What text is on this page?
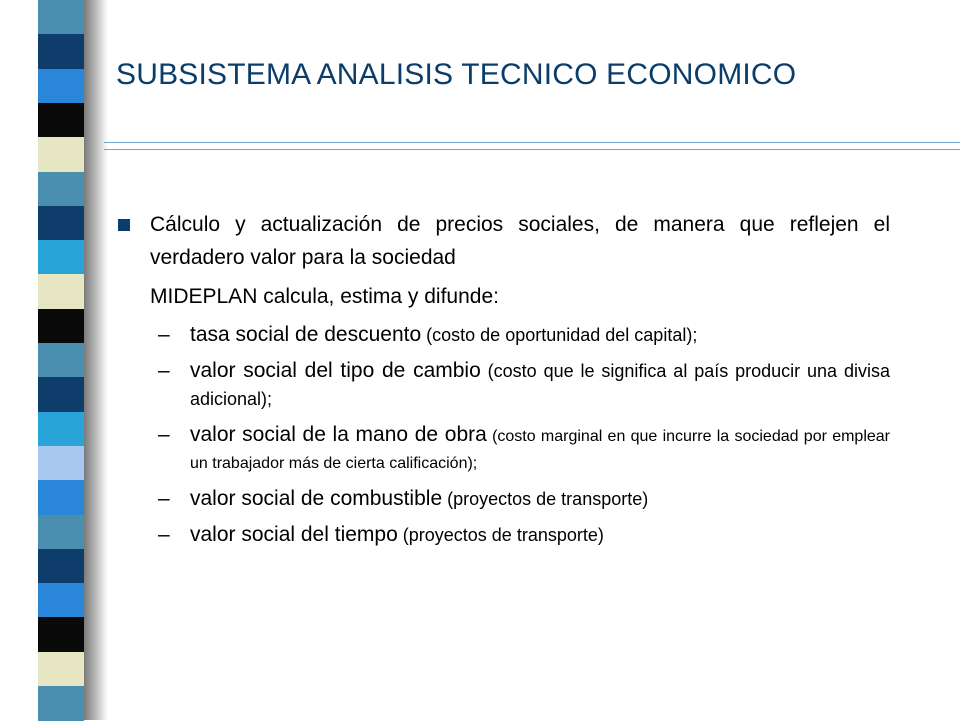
SUBSISTEMA ANALISIS TECNICO ECONOMICO
Cálculo y actualización de precios sociales, de manera que reflejen el verdadero valor para la sociedad
MIDEPLAN calcula, estima y difunde:
– tasa social de descuento (costo de oportunidad del capital);
– valor social del tipo de cambio (costo que le significa al país producir una divisa adicional);
– valor social de la mano de obra (costo marginal en que incurre la sociedad por emplear un trabajador más de cierta calificación);
– valor social de combustible (proyectos de transporte)
– valor social del tiempo (proyectos de transporte)
